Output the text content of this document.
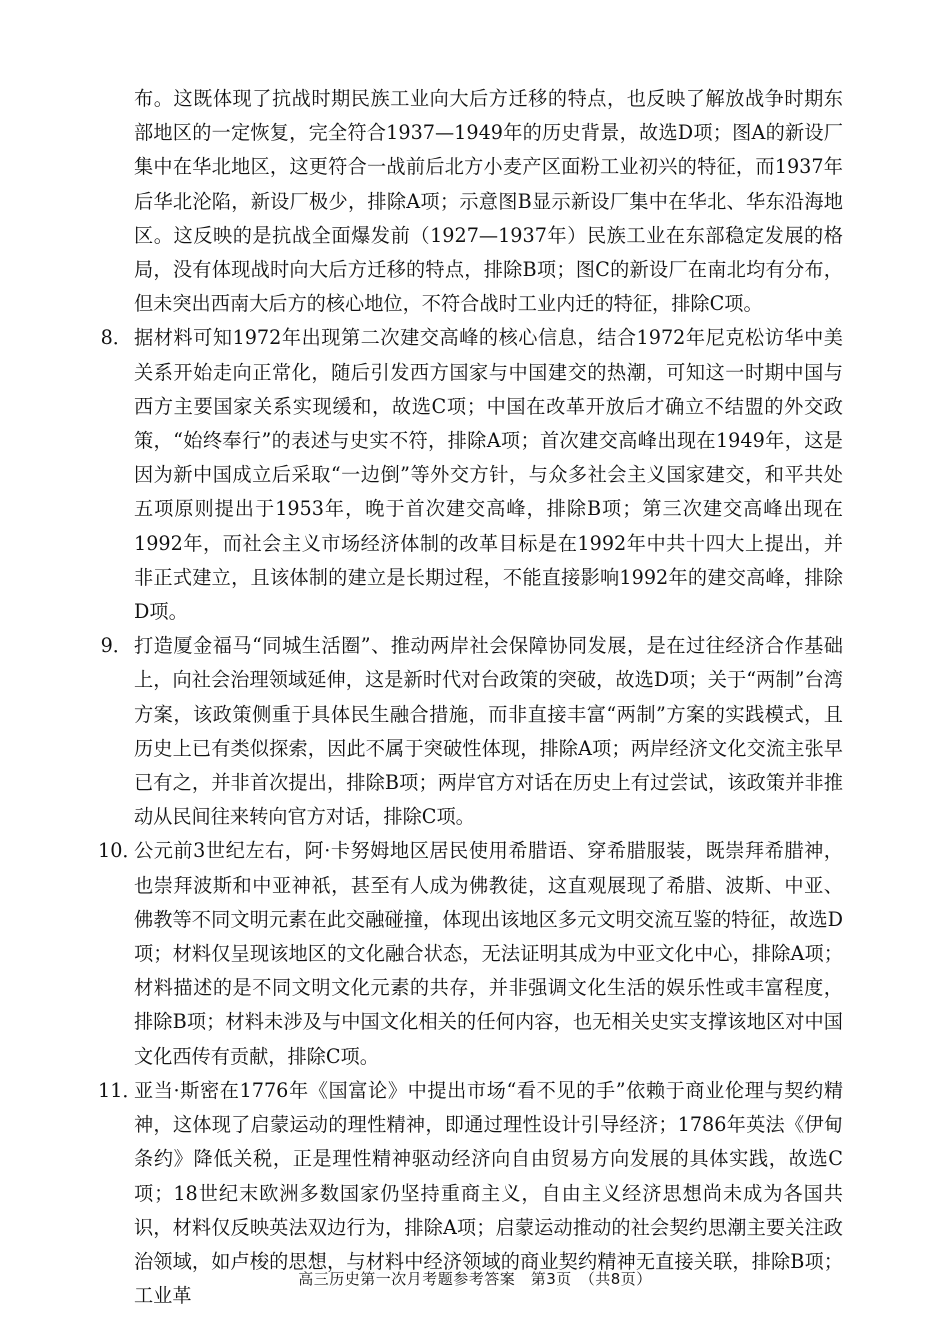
布。这既体现了抗战时期民族工业向大后方迁移的特点，也反映了解放战争时期东部地区的一定恢复，完全符合1937—1949年的历史背景，故选D项；图A的新设厂集中在华北地区，这更符合一战前后北方小麦产区面粉工业初兴的特征，而1937年后华北沦陷，新设厂极少，排除A项；示意图B显示新设厂集中在华北、华东沿海地区。这反映的是抗战全面爆发前（1927—1937年）民族工业在东部稳定发展的格局，没有体现战时向大后方迁移的特点，排除B项；图C的新设厂在南北均有分布，但未突出西南大后方的核心地位，不符合战时工业内迁的特征，排除C项。

8． 据材料可知1972年出现第二次建交高峰的核心信息，结合1972年尼克松访华中美关系开始走向正常化，随后引发西方国家与中国建交的热潮，可知这一时期中国与西方主要国家关系实现缓和，故选C项；中国在改革开放后才确立不结盟的外交政策，“始终奉行”的表述与史实不符，排除A项；首次建交高峰出现在1949年，这是因为新中国成立后采取“一边倒”等外交方针，与众多社会主义国家建交，和平共处五项原则提出于1953年，晚于首次建交高峰，排除B项；第三次建交高峰出现在1992年，而社会主义市场经济体制的改革目标是在1992年中共十四大上提出，并非正式建立，且该体制的建立是长期过程，不能直接影响1992年的建交高峰，排除D项。

9． 打造厦金福马“同城生活圈”、推动两岸社会保障协同发展，是在过往经济合作基础上，向社会治理领域延伸，这是新时代对台政策的突破，故选D项；关于“两制”台湾方案，该政策侧重于具体民生融合措施，而非直接丰富“两制”方案的实践模式，且历史上已有类似探索，因此不属于突破性体现，排除A项；两岸经济文化交流主张早已有之，并非首次提出，排除B项；两岸官方对话在历史上有过尝试，该政策并非推动从民间往来转向官方对话，排除C项。

10．

公元前3世纪左右，阿·卡努姆地区居民使用希腊语、穿希腊服装，既崇拜希腊神，也崇拜波斯和中亚神祇，甚至有人成为佛教徒，这直观展现了希腊、波斯、中亚、佛教等不同文明元素在此交融碰撞，体现出该地区多元文明交流互鉴的特征，故选D项；材料仅呈现该地区的文化融合状态，无法证明其成为中亚文化中心，排除A项；材料描述的是不同文明文化元素的共存，并非强调文化生活的娱乐性或丰富程度，排除B项；材料未涉及与中国文化相关的任何内容，也无相关史实支撑该地区对中国文化西传有贡献，排除C项。

11．

亚当·斯密在1776年《国富论》中提出市场“看不见的手”依赖于商业伦理与契约精神，这体现了启蒙运动的理性精神，即通过理性设计引导经济；1786年英法《伊甸条约》降低关税，正是理性精神驱动经济向自由贸易方向发展的具体实践，故选C项；18世纪末欧洲多数国家仍坚持重商主义，自由主义经济思想尚未成为各国共识，材料仅反映英法双边行为，排除A项；启蒙运动推动的社会契约思潮主要关注政治领域，如卢梭的思想，与材料中经济领域的商业契约精神无直接关联，排除B项；工业革

高三历史第一次月考题参考答案　第3页　（共8页）
